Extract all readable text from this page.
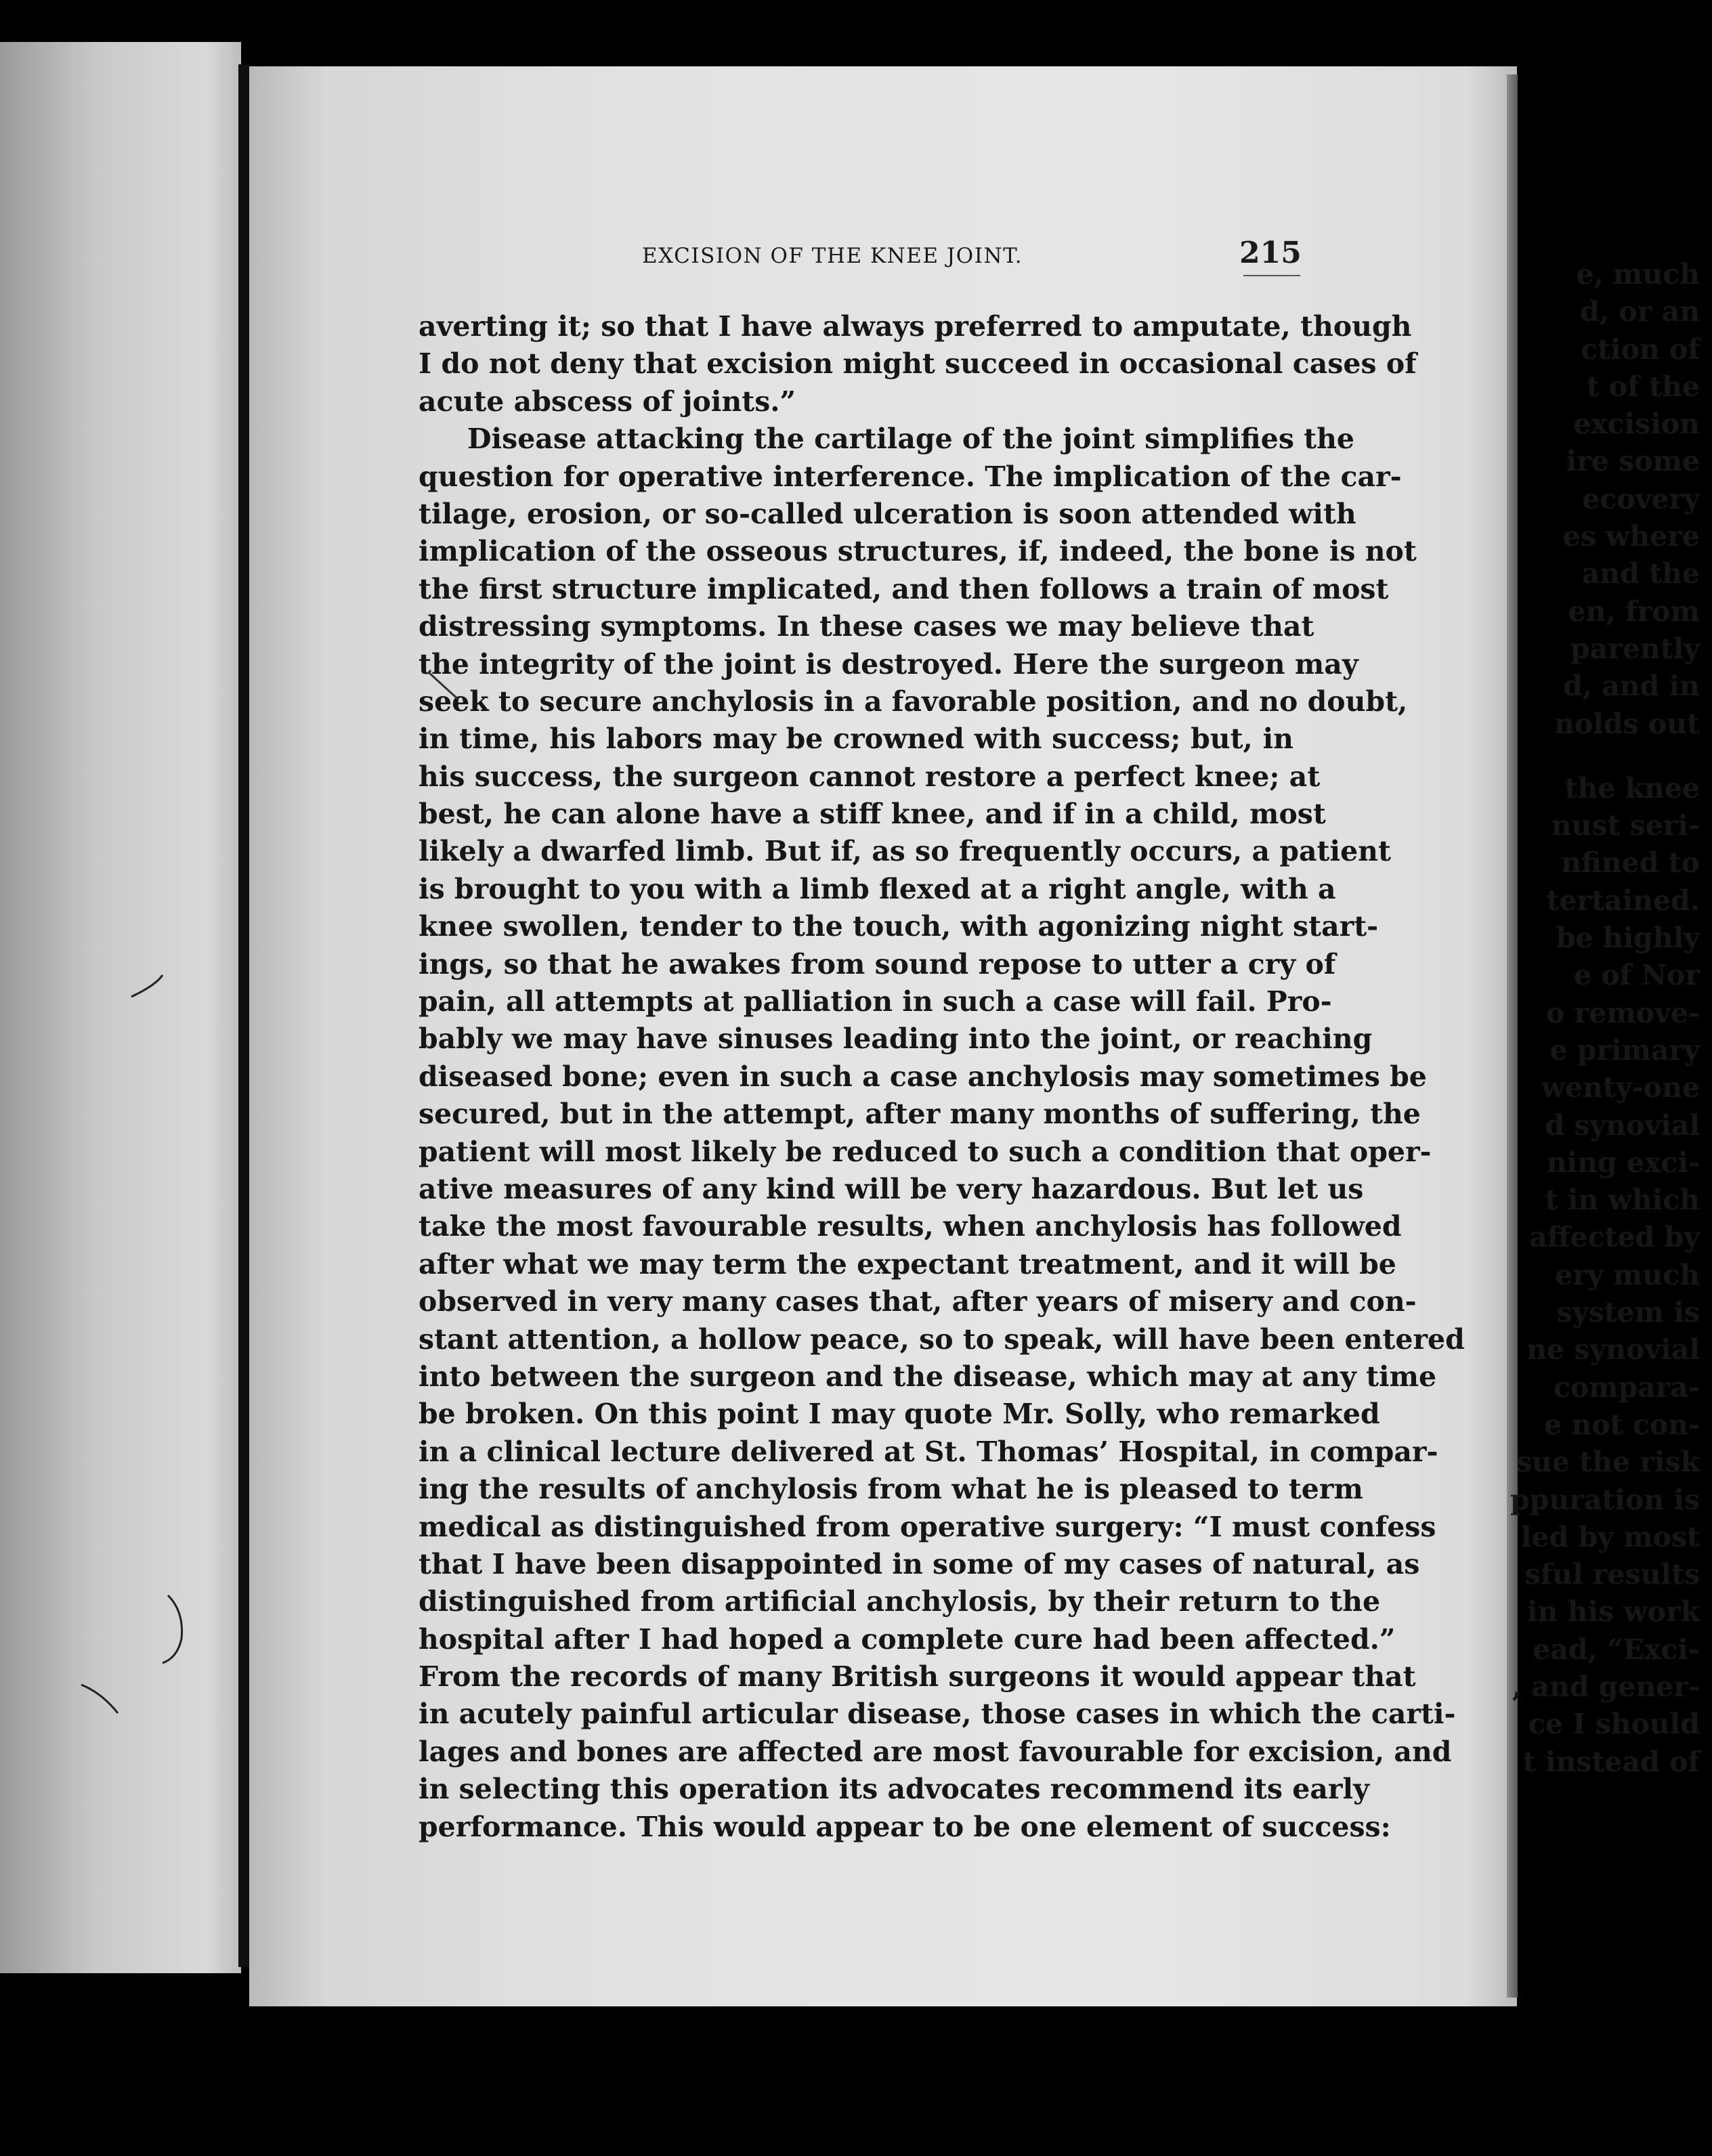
e, much
d, or an
ction of
t of the
excision
ire some
ecovery
es where
and the
en, from
parently
d, and in
nolds out
the knee
nust seri-
nfined to
tertained.
be highly
e of Nor
o remove-
e primary
wenty-one
d synovial
ning exci-
t in which
affected by
ery much
system is
ne synovial
compara-
e not con-
sue the risk
ppuration is
led by most
sful results
in his work
ead, “Exci-
, and gener-
ce I should
t instead of
EXCISION OF THE KNEE JOINT.	215
averting it; so that I have always preferred to amputate, though
I do not deny that excision might succeed in occasional cases of
acute abscess of joints.”
Disease attacking the cartilage of the joint simplifies the
question for operative interference. The implication of the car-
tilage, erosion, or so-called ulceration is soon attended with
implication of the osseous structures, if, indeed, the bone is not
the first structure implicated, and then follows a train of most
distressing symptoms. In these cases we may believe that
the integrity of the joint is destroyed. Here the surgeon may
seek to secure anchylosis in a favorable position, and no doubt,
in time, his labors may be crowned with success; but, in
his success, the surgeon cannot restore a perfect knee; at
best, he can alone have a stiff knee, and if in a child, most
likely a dwarfed limb. But if, as so frequently occurs, a patient
is brought to you with a limb flexed at a right angle, with a
knee swollen, tender to the touch, with agonizing night start-
ings, so that he awakes from sound repose to utter a cry of
pain, all attempts at palliation in such a case will fail. Pro-
bably we may have sinuses leading into the joint, or reaching
diseased bone; even in such a case anchylosis may sometimes be
secured, but in the attempt, after many months of suffering, the
patient will most likely be reduced to such a condition that oper-
ative measures of any kind will be very hazardous. But let us
take the most favourable results, when anchylosis has followed
after what we may term the expectant treatment, and it will be
observed in very many cases that, after years of misery and con-
stant attention, a hollow peace, so to speak, will have been entered
into between the surgeon and the disease, which may at any time
be broken. On this point I may quote Mr. Solly, who remarked
in a clinical lecture delivered at St. Thomas’ Hospital, in compar-
ing the results of anchylosis from what he is pleased to term
medical as distinguished from operative surgery: “I must confess
that I have been disappointed in some of my cases of natural, as
distinguished from artificial anchylosis, by their return to the
hospital after I had hoped a complete cure had been affected.”
From the records of many British surgeons it would appear that
in acutely painful articular disease, those cases in which the carti-
lages and bones are affected are most favourable for excision, and
in selecting this operation its advocates recommend its early
performance. This would appear to be one element of success:
